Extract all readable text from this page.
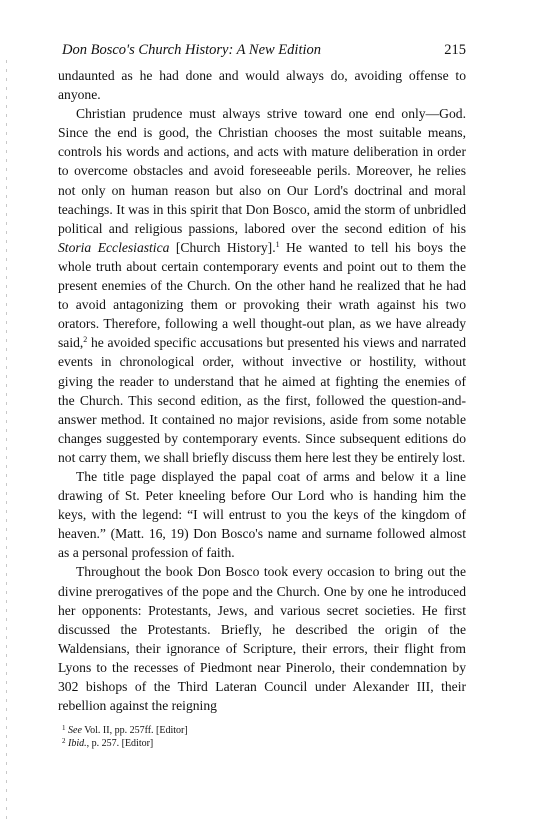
Don Bosco's Church History: A New Edition	215

undaunted as he had done and would always do, avoiding offense to anyone.

Christian prudence must always strive toward one end only—God. Since the end is good, the Christian chooses the most suitable means, controls his words and actions, and acts with mature deliberation in order to overcome obstacles and avoid foreseeable perils. Moreover, he relies not only on human reason but also on Our Lord's doctrinal and moral teachings. It was in this spirit that Don Bosco, amid the storm of unbridled political and religious passions, labored over the second edition of his Storia Ecclesiastica [Church History].$^1$ He wanted to tell his boys the whole truth about certain contemporary events and point out to them the present enemies of the Church. On the other hand he realized that he had to avoid antagonizing them or provoking their wrath against his two orators. Therefore, following a well thought-out plan, as we have already said,$^2$ he avoided specific accusations but presented his views and narrated events in chronological order, without invective or hostility, without giving the reader to understand that he aimed at fighting the enemies of the Church. This second edition, as the first, followed the question-and-answer method. It contained no major revisions, aside from some notable changes suggested by contemporary events. Since subsequent editions do not carry them, we shall briefly discuss them here lest they be entirely lost.

The title page displayed the papal coat of arms and below it a line drawing of St. Peter kneeling before Our Lord who is handing him the keys, with the legend: “I will entrust to you the keys of the kingdom of heaven.” (Matt. 16, 19) Don Bosco's name and surname followed almost as a personal profession of faith.

Throughout the book Don Bosco took every occasion to bring out the divine prerogatives of the pope and the Church. One by one he introduced her opponents: Protestants, Jews, and various secret societies. He first discussed the Protestants. Briefly, he described the origin of the Waldensians, their ignorance of Scripture, their errors, their flight from Lyons to the recesses of Piedmont near Pinerolo, their condemnation by 302 bishops of the Third Lateran Council under Alexander III, their rebellion against the reigning

$^1$ See Vol. II, pp. 257ff. [Editor]
$^2$ Ibid., p. 257. [Editor]
